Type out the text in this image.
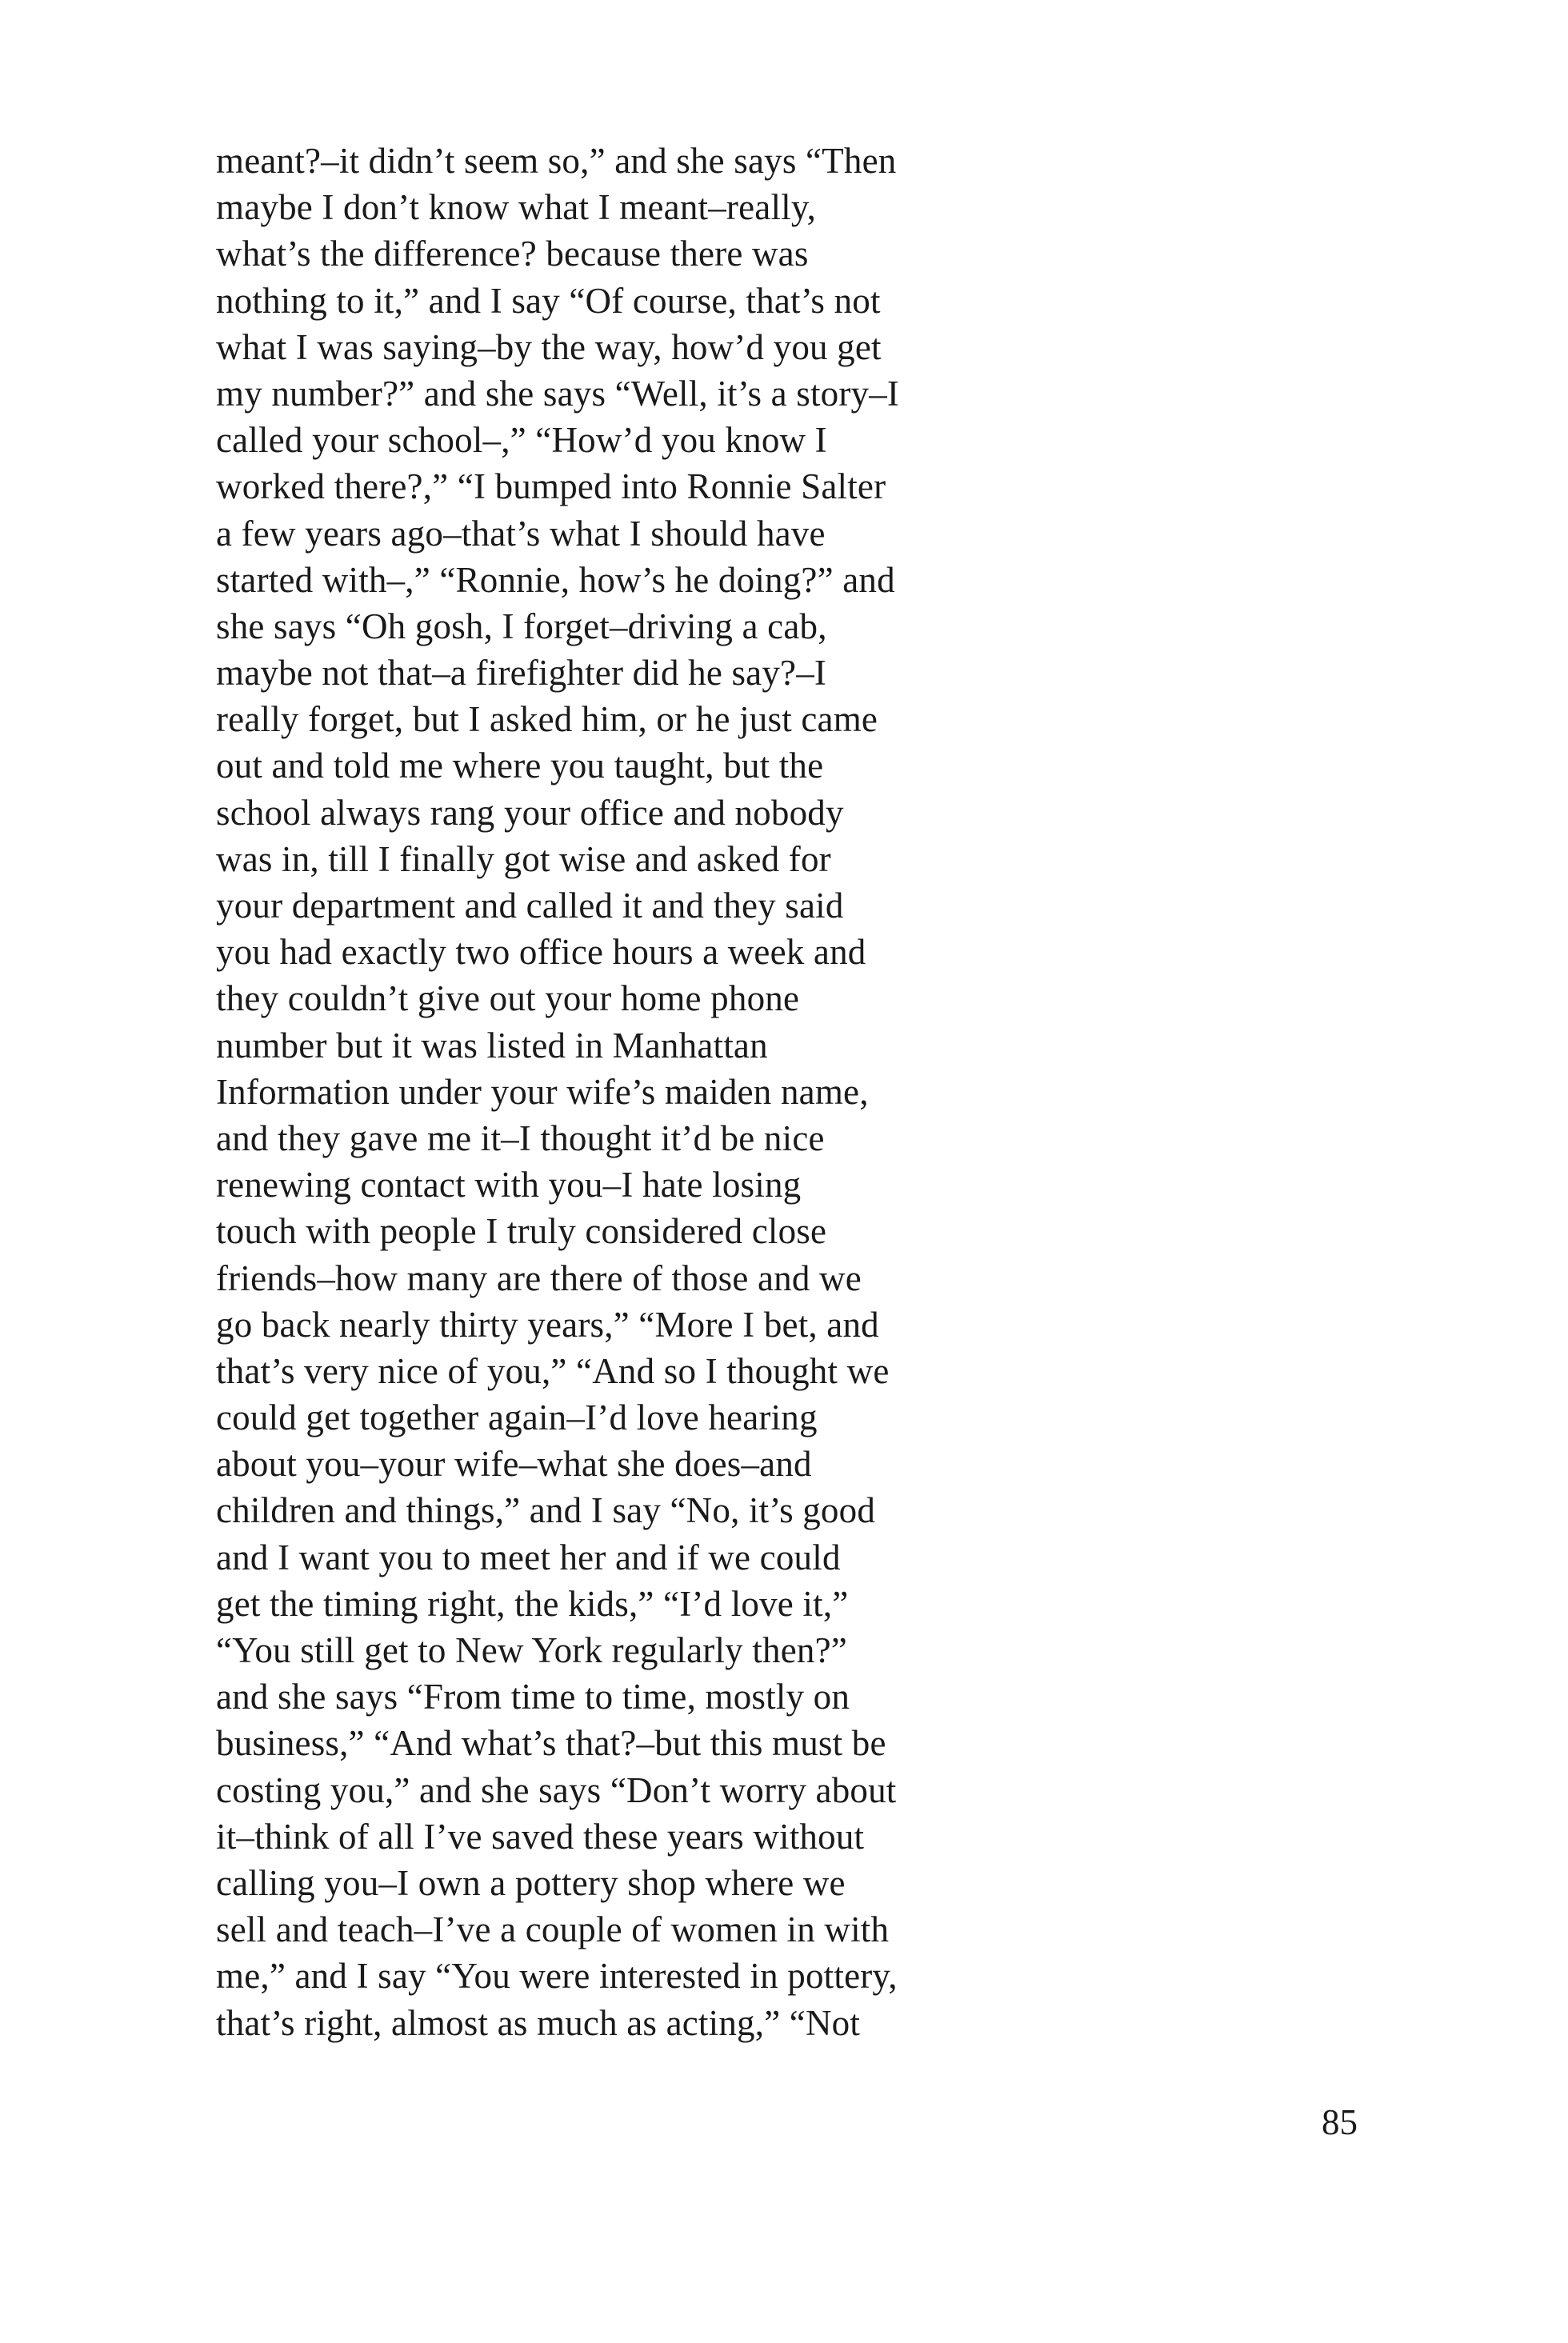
meant?–it didn’t seem so,” and she says “Then
maybe I don’t know what I meant–really,
what’s the difference? because there was
nothing to it,” and I say “Of course, that’s not
what I was saying–by the way, how’d you get
my number?” and she says “Well, it’s a story–I
called your school–,” “How’d you know I
worked there?,” “I bumped into Ronnie Salter
a few years ago–that’s what I should have
started with–,” “Ronnie, how’s he doing?” and
she says “Oh gosh, I forget–driving a cab,
maybe not that–a firefighter did he say?–I
really forget, but I asked him, or he just came
out and told me where you taught, but the
school always rang your office and nobody
was in, till I finally got wise and asked for
your department and called it and they said
you had exactly two office hours a week and
they couldn’t give out your home phone
number but it was listed in Manhattan
Information under your wife’s maiden name,
and they gave me it–I thought it’d be nice
renewing contact with you–I hate losing
touch with people I truly considered close
friends–how many are there of those and we
go back nearly thirty years,” “More I bet, and
that’s very nice of you,” “And so I thought we
could get together again–I’d love hearing
about you–your wife–what she does–and
children and things,” and I say “No, it’s good
and I want you to meet her and if we could
get the timing right, the kids,” “I’d love it,”
“You still get to New York regularly then?”
and she says “From time to time, mostly on
business,” “And what’s that?–but this must be
costing you,” and she says “Don’t worry about
it–think of all I’ve saved these years without
calling you–I own a pottery shop where we
sell and teach–I’ve a couple of women in with
me,” and I say “You were interested in pottery,
that’s right, almost as much as acting,” “Not
85
